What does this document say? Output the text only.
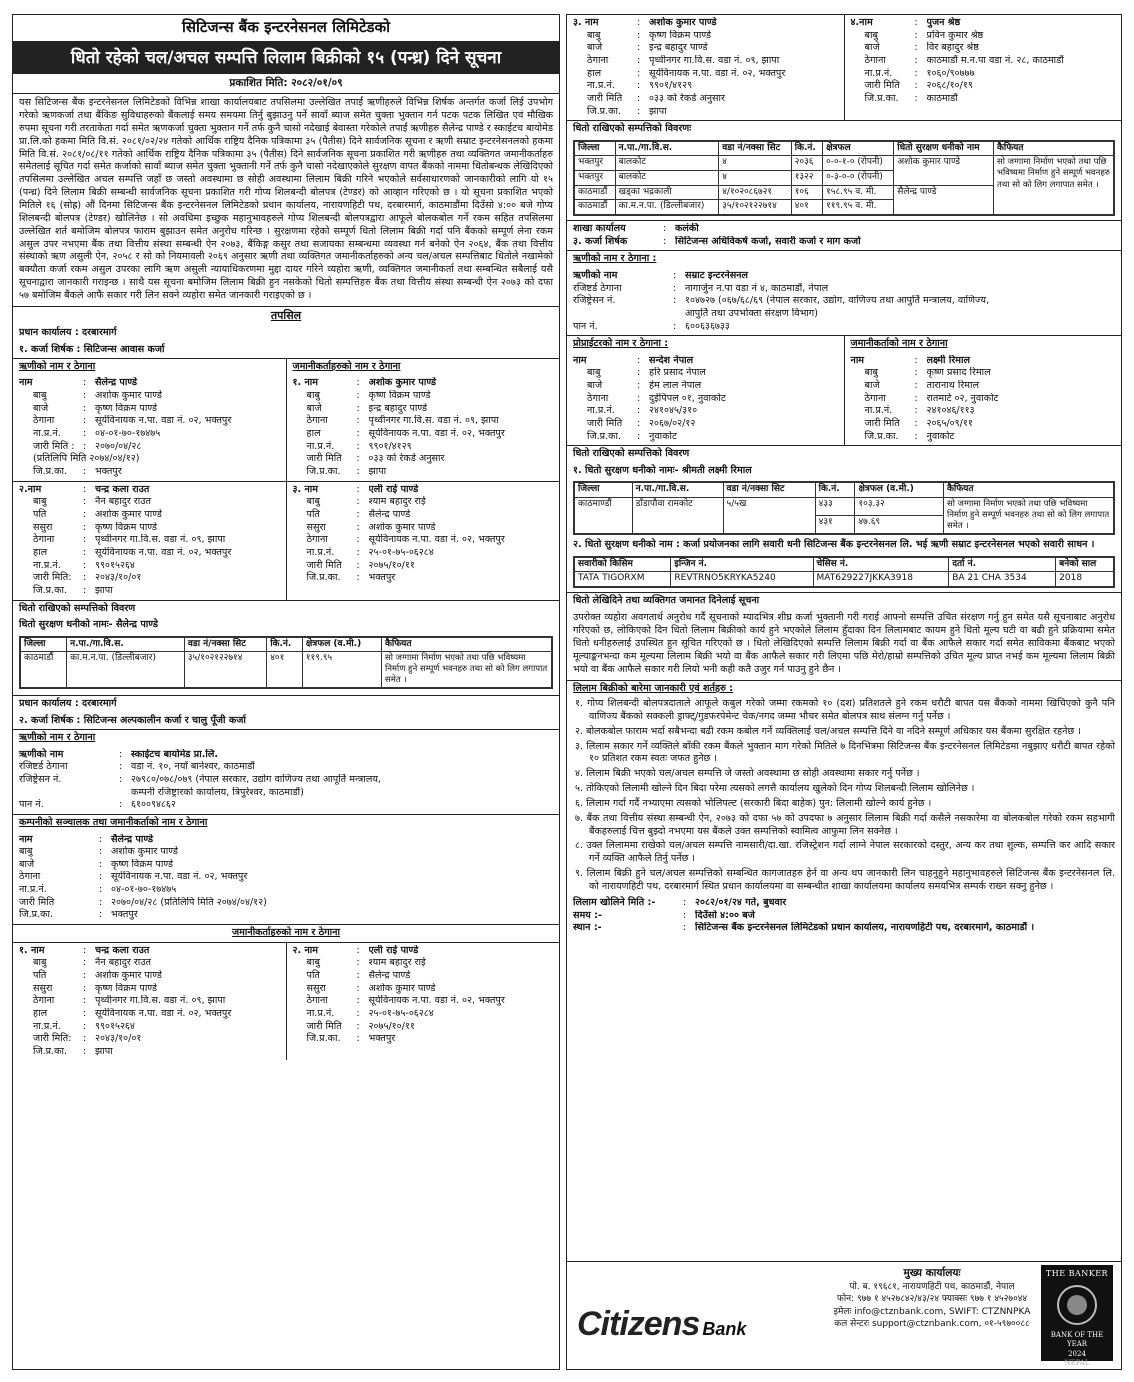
सिटिजन्स बैंक इन्टरनेसनल लिमिटेडको
धितो रहेको चल/अचल सम्पत्ति लिलाम बिक्रीको १५ (पन्ध्र) दिने सूचना
प्रकाशित मिति: २०८२/०१/०९
यस सिटिजन्स बैंक इन्टरनेसनल लिमिटेडको विभिन्न शाखा कार्यालयबाट तपसिलमा उल्लेखित तपाईं ऋणीहरुले विभिन्न शिर्षक अन्तर्गत कर्जा लिई उपभोग गरेको ऋणकर्जा तथा बैंकिङ सुविधाहरुको बैंकलाई समय समयमा तिर्नु बुझाउनु पर्ने सावाँ ब्याज समेत चुक्ता भुक्तान गर्न पटक पटक लिखित एवं मौखिक रुपमा सूचना गरी तरताकेता गर्दा समेत ऋणकर्जा चुक्ता भुक्तान गर्ने तर्फ कुनै चासो नदेखाई बेवास्ता गरेकोले तपाईं ऋणीहरु सैलेन्द्र पाण्डे र स्काईटच बायोमेड प्रा.लि.को हकमा मिति वि.सं. २०८१/०२/२४ गतेको आर्थिक राष्ट्रिय दैनिक पत्रिकामा ३५ (पैतीस) दिने सार्वजनिक सूचना र ऋणी सम्राट इन्टरनेसनलको हकमा मिति वि.सं. २०८१/०८/११ गतेको आर्थिक राष्ट्रिय दैनिक पत्रिकामा ३५ (पैतीस) दिने सार्वजनिक सूचना प्रकाशित गरी ऋणीहरु तथा व्यक्तिगत जमानीकर्ताहरु समेतलाई सूचित गर्दा समेत कर्जाको सावाँ ब्याज समेत चुक्ता भुक्तानी गर्ने तर्फ कुनै चासो नदेखाएकोले सुरक्षण वापत बैंकको नाममा धितोबन्धक लेखिदिएको तपसिलमा उल्लेखित अचल सम्पत्ति जहाँ छ जस्तो अवस्थामा छ सोही अवस्थामा लिलाम बिक्री गरिने भएकोले सर्वसाधारणको जानकारीको लागि यो १५ (पन्ध्र) दिने लिलाम बिक्री सम्बन्धी सार्वजनिक सूचना प्रकाशित गरी गोप्य शिलबन्दी बोलपत्र (टेण्डर) को आव्हान गरिएको छ । यो सूचना प्रकाशित भएको मितिले १६ (सोह्र) औं दिनमा सिटिजन्स बैंक इन्टरनेसनल लिमिटेडको प्रधान कार्यालय, नारायणहिटी पथ, दरबारमार्ग, काठमाडौंमा दिउँसो ४:०० बजे गोप्य शिलबन्दी बोलपत्र (टेण्डर) खोलिनेछ । सो अवधिमा इच्छुक महानुभावहरुले गोप्य शिलबन्दी बोलपत्रद्वारा आफूले बोलकबोल गर्ने रकम सहित तपसिलमा उल्लेखित शर्त बमोजिम बोलपत्र फाराम बुझाउन समेत अनुरोध गरिन्छ । सुरक्षणमा रहेको सम्पूर्ण धितो लिलाम बिक्री गर्दा पनि बैंकको सम्पूर्ण लेना रकम असुल उपर नभएमा बैंक तथा वित्तीय संस्था सम्बन्धी ऐन २०७३, बैंकिङ्ग कसुर तथा सजायका सम्बन्धमा व्यवस्था गर्न बनेको ऐन २०६४, बैंक तथा वित्तीय संस्थाको ऋण असुली ऐन, २०५८ र सो को नियमावली २०६९ अनुसार ऋणी तथा व्यक्तिगत जमानीकर्ताहरुको अन्य चल/अचल सम्पत्तिबाट धितोले नखामेको बक्यौता कर्जा रकम असुल उपरका लागि ऋण असुली न्यायाधिकरणमा मुद्दा दायर गरिने व्यहोरा ऋणी, व्यक्तिगत जमानीकर्ता तथा सम्बन्धित सबैलाई यसै सूचनाद्वारा जानकारी गराइन्छ । साथै यस सूचना बमोजिम लिलाम बिक्री हुन नसकेको धितो सम्पत्तिहरु बैंक तथा वित्तीय संस्था सम्बन्धी ऐन २०७३ को दफा ५७ बमोजिम बैंकले आफैं सकार गरी लिन सक्ने व्यहोरा समेत जानकारी गराइएको छ ।
तपसिल
प्रधान कार्यालय : दरबारमार्ग
१. कर्जा शिर्षक : सिटिजन्स आवास कर्जा
ऋणीको नाम र ठेगाना
नाम	: सैलेन्द्र पाण्डे
बाबु	: अशोक कुमार पाण्डे
बाजे	: कृष्ण विक्रम पाण्डे
ठेगाना	: सूर्यविनायक न.पा. वडा नं. ०२, भक्तपुर
ना.प्र.नं.	: ०४-०१-७०-१७४७५
जारी मिति : : २०७०/०४/२८
(प्रतिलिपि मिति २०७४/०४/१२)
जि.प्र.का.	: भक्तपुर
जमानीकर्ताहरुको नाम र ठेगाना
१. नाम	: अशोक कुमार पाण्डे
बाबु	: कृष्ण विक्रम पाण्डे
बाजे	: इन्द्र बहादुर पाण्डे
ठेगाना	: पृथ्वीनगर गा.वि.स. वडा नं. ०९, झापा
हाल	: सूर्यविनायक न.पा. वडा नं. ०२, भक्तपुर
ना.प्र.नं.	: ९९०१/४१२९
जारी मिति	: ०३३ को रेकर्ड अनुसार
जि.प्र.का.	: झापा
२.नाम	: चन्द्र कला राउत
बाबु	: नैन बहादुर राउत
पति	: अशोक कुमार पाण्डे
ससुरा	: कृष्ण विक्रम पाण्डे
ठेगाना	: पृथ्वीनगर गा.वि.स. वडा नं. ०९, झापा
हाल	: सूर्यविनायक न.पा. वडा नं. ०२, भक्तपुर
ना.प्र.नं.	: ९९०१५२६४
जारी मिति:	: २०४३/१०/०१
जि.प्र.का.	: झापा
३. नाम	: एली राई पाण्डे
बाबु	: श्याम बहादुर राई
पति	: सैलेन्द्र पाण्डे
ससुरा	: अशोक कुमार पाण्डे
ठेगाना	: सूर्यविनायक न.पा. वडा नं. ०२, भक्तपुर
ना.प्र.नं.	: २५-०१-७५-०६२८४
जारी मिति	: २०७५/१०/११
जि.प्र.का.	: भक्तपुर
धितो राखिएको सम्पत्तिको विवरण
धितो सुरक्षण धनीको नामः- सैलेन्द्र पाण्डे
जिल्ला	न.पा./गा.वि.स.	वडा नं/नक्सा सिट	कि.नं.	क्षेत्रफल (व.मी.)	कैफियत
काठमाडौं	का.म.न.पा. (डिल्लीबजार)	३५/१०२१२२७१४	४०१	११९.९५	सो जग्गामा निर्माण भएको तथा पछि भविष्यमा निर्माण हुने सम्पूर्ण भवनहरु तथा सो को लिग लगापात समेत ।
प्रधान कार्यालय : दरबारमार्ग
२. कर्जा शिर्षक : सिटिजन्स अल्पकालीन कर्जा र चालु पूँजी कर्जा
ऋणीको नाम र ठेगाना
ऋणीको नाम	: स्काईटच बायोमेड प्रा.लि.
रजिष्टर्ड ठेगाना	: वडा नं. १०, नयाँ बानेश्वर, काठमाडौं
रजिष्ट्रेसन नं.	: २७९८०/०७८/०७९ (नेपाल सरकार, उद्योग वाणिज्य तथा आपूर्ति मन्त्रालय,
कम्पनी रजिष्ट्रारको कार्यालय, त्रिपुरेश्वर, काठमाडौं)
पान नं.	: ६१००९४८६२
कम्पनीको सञ्चालक तथा जमानीकर्ताको नाम र ठेगाना
नाम	: सैलेन्द्र पाण्डे
बाबु	: अशोक कुमार पाण्डे
बाजे	: कृष्ण विक्रम पाण्डे
ठेगाना	: सूर्यविनायक न.पा. वडा नं. ०२, भक्तपुर
ना.प्र.नं.	: ०४-०१-७०-१७४७५
जारी मिति	: २०७०/०४/२८ (प्रतिलिपि मिति २०७४/०४/१२)
जि.प्र.का.	: भक्तपुर
जमानीकर्ताहरुको नाम र ठेगाना
१. नाम	: चन्द्र कला राउत
बाबु	: नैन बहादुर राउत
पति	: अशोक कुमार पाण्डे
ससुरा	: कृष्ण विक्रम पाण्डे
ठेगाना	: पृथ्वीनगर गा.वि.स. वडा नं. ०९, झापा
हाल	: सूर्यविनायक न.पा. वडा नं. ०२, भक्तपुर
ना.प्र.नं.	: ९९०१५२६४
जारी मिति:	: २०४३/१०/०१
जि.प्र.का.	: झापा
२. नाम	: एली राई पाण्डे
बाबु	: श्याम बहादुर राई
पति	: सैलेन्द्र पाण्डे
ससुरा	: अशोक कुमार पाण्डे
ठेगाना	: सूर्यविनायक न.पा. वडा नं. ०२, भक्तपुर
ना.प्र.नं.	: २५-०१-७५-०६२८४
जारी मिति	: २०७५/१०/११
जि.प्र.का.	: भक्तपुर
३. नाम	: अशोक कुमार पाण्डे
बाबु	: कृष्ण विक्रम पाण्डे
बाजे	: इन्द्र बहादुर पाण्डे
ठेगाना	: पृथ्वीनगर गा.वि.स. वडा नं. ०९, झापा
हाल	: सूर्यविनायक न.पा. वडा नं. ०२, भक्तपुर
ना.प्र.नं.	: ९९०१/४१२९
जारी मिति	: ०३३ को रेकर्ड अनुसार
जि.प्र.का.	: झापा
४.नाम	: पुजन श्रेष्ठ
बाबु	: प्रविन कुमार श्रेष्ठ
बाजे	: विर बहादुर श्रेष्ठ
ठेगाना	: काठमाडौं म.न.पा वडा नं. २८, काठमाडौं
ना.प्र.नं.	: १०६०/९०७७७
जारी मिति	: २०६८/१०/१९
जि.प्र.का.	: काठमाडौं
धितो राखिएको सम्पत्तिको विवरणः
जिल्ला	न.पा./गा.वि.स.	वडा नं/नक्सा सिट	कि.नं.	क्षेत्रफल	धितो सुरक्षण धनीको नाम	कैफियत
भक्तपुर	बालकोट	४	२०३६	०-०-१-० (रोपनी)	अशोक कुमार पाण्डे	सो जग्गामा निर्माण भएको तथा पछि भविष्यमा निर्माण हुने सम्पूर्ण भवनहरु तथा सो को लिग लगापात समेत ।
भक्तपुर	बालकोट	४	१३२२	०-३-०-० (रोपनी)		
काठमाडौं	खड्का भद्रकाली	४/१०२०८६७२१	१०६	१५८.९५ व. मी.	सैलेन्द्र पाण्डे	
काठमाडौं	का.म.न.पा. (डिल्लीबजार)	३५/१०२१२२७१४	४०१	११९.९५ व. मी.		
शाखा कार्यालय	: कलंकी
३. कर्जा शिर्षक	: सिटिजन्स अधिविकर्ष कर्जा, सवारी कर्जा र माग कर्जा
ऋणीको नाम र ठेगाना :
ऋणीको नाम	: सम्राट इन्टरनेसनल
रजिष्टर्ड ठेगाना	: नागार्जुन न.पा वडा नं ४, काठमाडौं, नेपाल
रजिष्ट्रेसन नं.	: १०४७२७ (०६७/६८/६९ (नेपाल सरकार, उद्योग, वाणिज्य तथा आपुर्ति मन्त्रालय, वाणिज्य,
आपुर्ति तथा उपभोक्ता संरक्षण विभाग)
पान नं.	: ६००६३६७३३
प्रोप्राईटरको नाम र ठेगाना :
नाम	: सन्देश नेपाल
बाबु	: हरि प्रसाद नेपाल
बाजे	: हेम लाल नेपाल
ठेगाना	: दुईपिपल ०१, नुवाकोट
ना.प्र.नं.	: २४१०४५/३१०
जारी मिति	: २०६७/०२/१२
जि.प्र.का.	: नुवाकोट
जमानीकर्ताको नाम र ठेगाना
नाम	: लक्ष्मी रिमाल
बाबु	: कृष्ण प्रसाद रिमाल
बाजे	: तारानाथ रिमाल
ठेगाना	: रातमाटे ०२, नुवाकोट
ना.प्र.नं.	: २४१०४६/११३
जारी मिति	: २०६५/०९/११
जि.प्र.का.	: नुवाकोट
धितो राखिएको सम्पत्तिको विवरण
१. धितो सुरक्षण धनीको नामः- श्रीमती लक्ष्मी रिमाल
जिल्ला	न.पा./गा.वि.स.	वडा नं/नक्सा सिट	कि.नं.	क्षेत्रफल (व.मी.)	कैफियत
काठमाण्डौं	डाँडापौवा रामकोट	५/५ख	४३३	१०३.३२	सो जग्गामा निर्माण भएको तथा पछि भविष्यमा निर्माण हुने सम्पूर्ण भवनहरु तथा सो को लिग लगापात समेत ।
			४३१	४७.६९	
२. धितो सुरक्षण धनीको नाम : कर्जा प्रयोजनका लागि सवारी धनी सिटिजन्स बैंक इन्टरनेसनल लि. भई ऋणी सम्राट इन्टरनेसनल भएको सवारी साधन ।
सवारीको किसिम	इन्जिन नं.	चेसिस नं.	दर्ता नं.	बनेको साल
TATA TIGORXM	REVTRNO5KRYKA5240	MAT629227JKKA3918	BA 21 CHA 3534	2018
धितो लेखिदिने तथा व्यक्तिगत जमानत दिनेलाई सूचना
उपरोक्त व्यहोरा अवगतार्थ अनुरोध गर्दै सूचनाको म्यादभित्र शीघ्र कर्जा भुक्तानी गरी गराई आफ्नो सम्पत्ति उचित संरक्षण गर्नु हुन समेत यसै सूचनाबाट अनुरोध गरिएको छ, लोकिएको दिन धितो लिलाम बिक्रीको कार्य हुने भएकोले लिलाम हुँदाका दिन लिलामबाट कायम हुने धितो मूल्य घटी वा बढी हुने प्रक्रियामा समेत धितो धनीहरुलाई उपस्थित हुन सूचित गरिएको छ । धितो लेखिदिएको सम्पत्ति लिलाम बिक्री गर्दा वा बैंक आफैले सकार गर्दा समेत साविकमा बैंकबाट भएको मूल्याङ्कनभन्दा कम मूल्यमा लिलाम बिक्री भयो वा बैंक आफैले सकार गरी लिएमा पछि मेरो/हाम्रो सम्पत्तिको उचित मूल्य प्राप्त नभई कम मूल्यमा लिलाम बिक्री भयो वा बैंक आफैले सकार गरी लियो भनी कही कतै उजुर गर्न पाउनु हुने छैन ।
लिलाम बिक्रीको बारेमा जानकारी एवं शर्तहरु :
१. गोप्य शिलबन्दी बोलपत्रदाताले आफूले कबुल गरेको जम्मा रकमको १० (दश) प्रतिशतले हुने रकम धरौटी बापत यस बैंकको नाममा खिचिएको कुनै पनि वाणिज्य बैंकको सक्कली ड्राफ्ट्/गुडफरपेमेन्ट चेक/नगद जम्मा भौचर समेत बोलपत्र साथ संलग्न गर्नु पर्नेछ ।
२. बोलकबोल फाराम भर्दा सबैभन्दा बढी रकम कबोल गर्ने व्यक्तिलाई चल/अचल सम्पत्ति दिने वा नदिने सम्पूर्ण अधिकार यस बैंकमा सुरक्षित रहनेछ ।
३. लिलाम सकार गर्ने व्यक्तिले बाँकी रकम बैंकले भुक्तान माग गरेको मितिले ७ दिनभित्रमा सिटिजन्स बैंक इन्टरनेसनल लिमिटेडमा नबुझाए धरौटी बापत रहेको १० प्रतिशत रकम स्वतः जफत हुनेछ ।
४. लिलाम बिक्री भएको चल/अचल सम्पत्ति जे जस्तो अवस्थामा छ सोही अवस्थामा सकार गर्नु पर्नेछ ।
५. तोकिएको लिलामी खोल्ने दिन बिदा परेमा त्यसको लगत्तै कार्यालय खुलेको दिन गोप्य शिलबन्दी लिलाम खोलिनेछ ।
६. लिलाम गर्दा गर्दै नभ्याएमा त्यसको भोलिपल्ट (सरकारी बिदा बाहेक) पुन: लिलामी खोल्ने कार्य हुनेछ ।
७. बैंक तथा वित्तीय संस्था सम्बन्धी ऐन, २०७३ को दफा ५७ को उपदफा ७ अनुसार लिलाम बिक्री गर्दा कसैले नसकारेमा वा बोलकबोल गरेको रकम सहभागी बैंकहरुलाई चित्त बुझ्दो नभएमा यस बैंकले उक्त सम्पत्तिको स्वामित्व आफुमा लिन सक्नेछ ।
८. उक्त लिलाममा राखेको चल/अचल सम्पत्ति नामसारी/दा.खा. रजिस्ट्रेशन गर्दा लाग्ने नेपाल सरकारको दस्तुर, अन्य कर तथा शुल्क, सम्पत्ति कर आदि सकार गर्ने व्यक्ति आफैले तिर्नु पर्नेछ ।
९. लिलाम बिक्री हुने चल/अचल सम्पत्तिको सम्बन्धित कागजातहरु हेर्न वा अन्य थप जानकारी लिन चाहनुहुने महानुभावहरुले सिटिजन्स बैंक इन्टरनेसनल लि. को नारायणहिटी पथ, दरबारमार्ग स्थित प्रधान कार्यालयमा वा सम्बन्धीत शाखा कार्यालयमा कार्यालय समयभित्र सम्पर्क राख्न सक्नु हुनेछ ।
लिलाम खोलिने मिति :-	: २०८२/०१/२४ गते, बुधवार
समय :-	: दिउँसो ४:०० बजे
स्थान :-	: सिटिजन्स बैंक इन्टरनेसनल लिमिटेडको प्रधान कार्यालय, नारायणहिटी पथ, दरबारमार्ग, काठमाडौं ।
Citizens Bank
मुख्य कार्यालयः
पो. ब. १९६८१, नारायणहिटी पथ, काठमाडौं, नेपाल
फोन: ९७७ १ ४५२७८४२/४३/२४ फ्याक्सः ९७७ १ ४५२७०४४
इमेलः info@ctznbank.com, SWIFT: CTZNNPKA
कल सेन्टरः support@ctznbank.com, ०१-५९७००८८
THE BANKER
BANK OF THE YEAR
2024
NEPAL
